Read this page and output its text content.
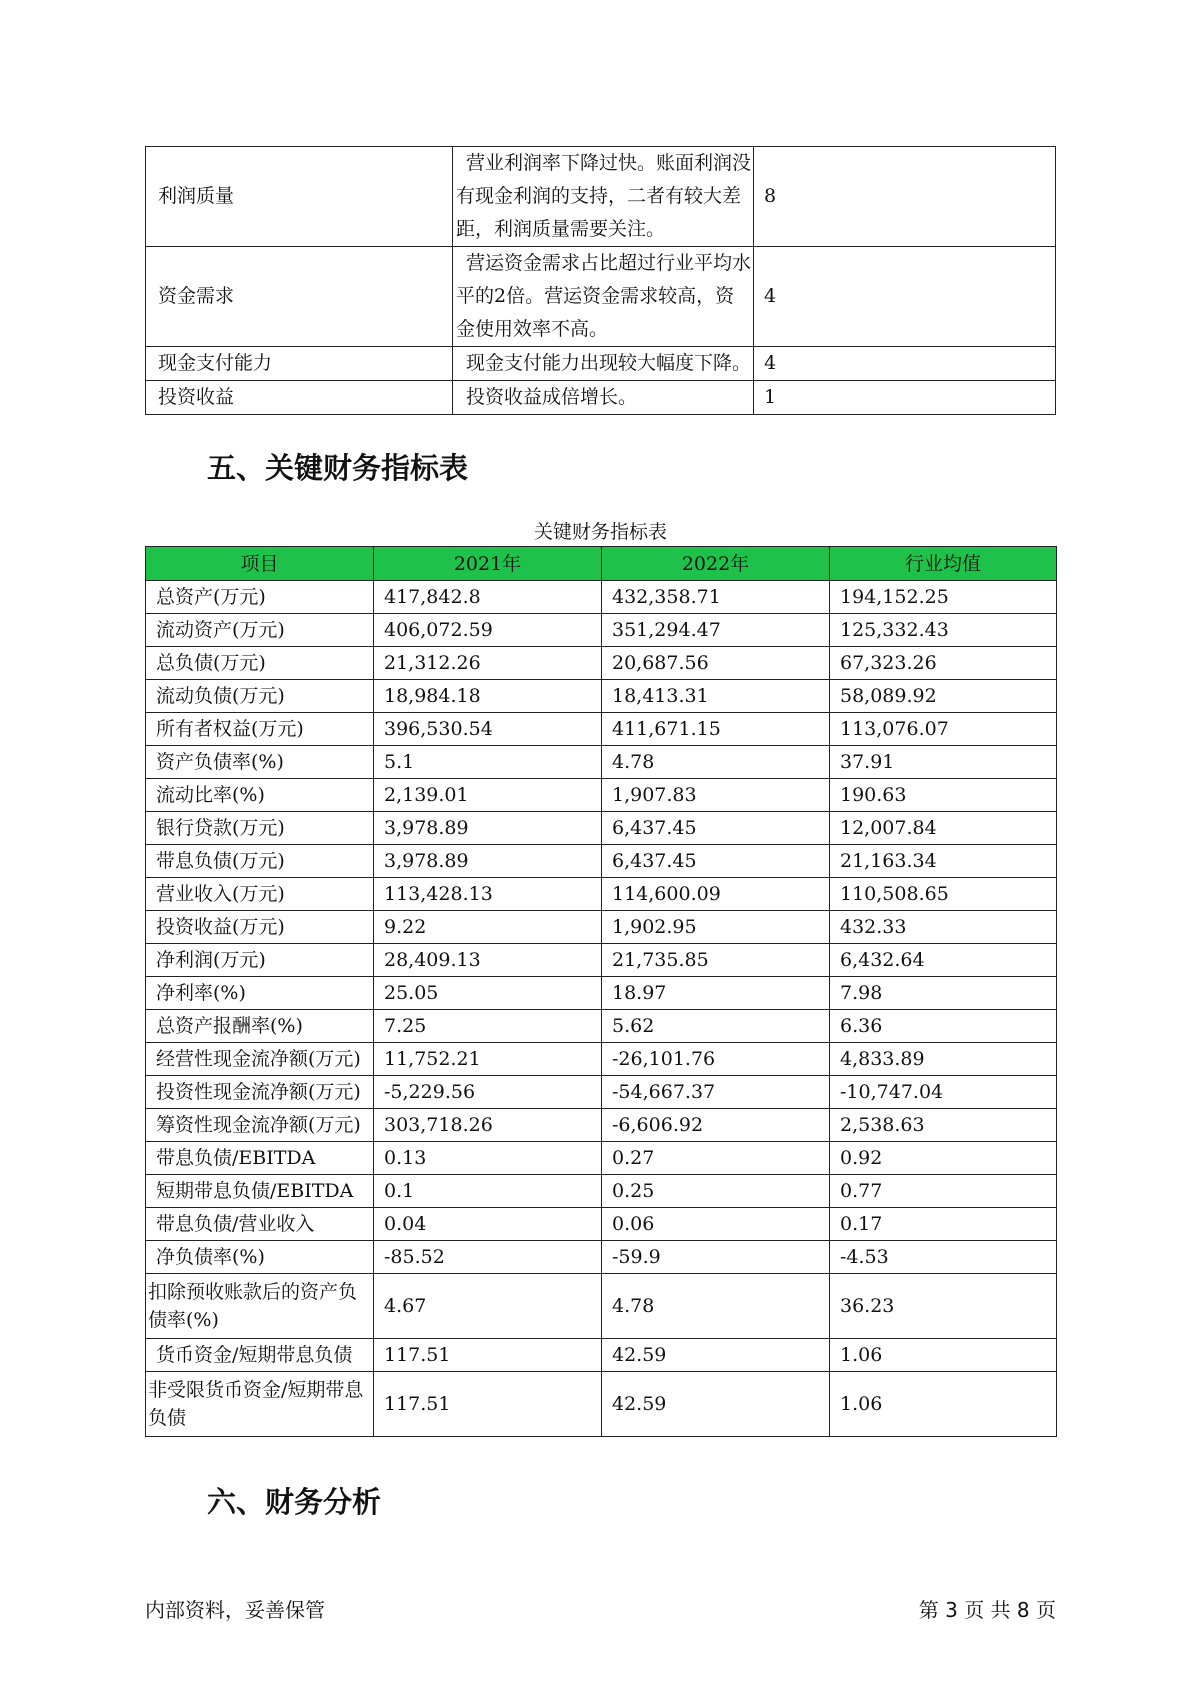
利润质量	营业利润率下降过快。账面利润没有现金利润的支持，二者有较大差距，利润质量需要关注。	8
资金需求	营运资金需求占比超过行业平均水平的2倍。营运资金需求较高，资金使用效率不高。	4
现金支付能力	现金支付能力出现较大幅度下降。	4
投资收益	投资收益成倍增长。	1
五、关键财务指标表
关键财务指标表
项目	2021年	2022年	行业均值
总资产(万元)	417,842.8	432,358.71	194,152.25
流动资产(万元)	406,072.59	351,294.47	125,332.43
总负债(万元)	21,312.26	20,687.56	67,323.26
流动负债(万元)	18,984.18	18,413.31	58,089.92
所有者权益(万元)	396,530.54	411,671.15	113,076.07
资产负债率(%)	5.1	4.78	37.91
流动比率(%)	2,139.01	1,907.83	190.63
银行贷款(万元)	3,978.89	6,437.45	12,007.84
带息负债(万元)	3,978.89	6,437.45	21,163.34
营业收入(万元)	113,428.13	114,600.09	110,508.65
投资收益(万元)	9.22	1,902.95	432.33
净利润(万元)	28,409.13	21,735.85	6,432.64
净利率(%)	25.05	18.97	7.98
总资产报酬率(%)	7.25	5.62	6.36
经营性现金流净额(万元)	11,752.21	-26,101.76	4,833.89
投资性现金流净额(万元)	-5,229.56	-54,667.37	-10,747.04
筹资性现金流净额(万元)	303,718.26	-6,606.92	2,538.63
带息负债/EBITDA	0.13	0.27	0.92
短期带息负债/EBITDA	0.1	0.25	0.77
带息负债/营业收入	0.04	0.06	0.17
净负债率(%)	-85.52	-59.9	-4.53
扣除预收账款后的资产负债率(%)	4.67	4.78	36.23
货币资金/短期带息负债	117.51	42.59	1.06
非受限货币资金/短期带息负债	117.51	42.59	1.06
六、财务分析
内部资料，妥善保管	第 3 页 共 8 页
